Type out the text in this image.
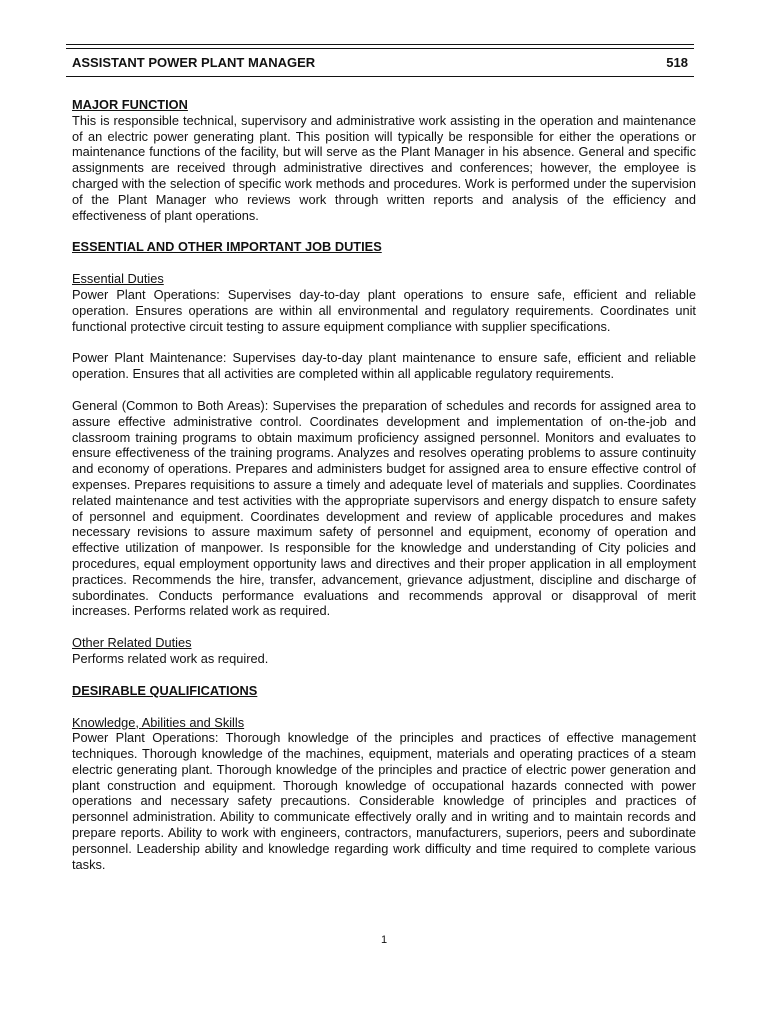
ASSISTANT POWER PLANT MANAGER	518
MAJOR FUNCTION

This is responsible technical, supervisory and administrative work assisting in the operation and maintenance of an electric power generating plant. This position will typically be responsible for either the operations or maintenance functions of the facility, but will serve as the Plant Manager in his absence. General and specific assignments are received through administrative directives and conferences; however, the employee is charged with the selection of specific work methods and procedures. Work is performed under the supervision of the Plant Manager who reviews work through written reports and analysis of the efficiency and effectiveness of plant operations.

ESSENTIAL AND OTHER IMPORTANT JOB DUTIES
Essential Duties

Power Plant Operations: Supervises day-to-day plant operations to ensure safe, efficient and reliable operation. Ensures operations are within all environmental and regulatory requirements. Coordinates unit functional protective circuit testing to assure equipment compliance with supplier specifications.

Power Plant Maintenance: Supervises day-to-day plant maintenance to ensure safe, efficient and reliable operation. Ensures that all activities are completed within all applicable regulatory requirements.

General (Common to Both Areas): Supervises the preparation of schedules and records for assigned area to assure effective administrative control. Coordinates development and implementation of on-the-job and classroom training programs to obtain maximum proficiency assigned personnel. Monitors and evaluates to ensure effectiveness of the training programs. Analyzes and resolves operating problems to assure continuity and economy of operations. Prepares and administers budget for assigned area to ensure effective control of expenses. Prepares requisitions to assure a timely and adequate level of materials and supplies. Coordinates related maintenance and test activities with the appropriate supervisors and energy dispatch to ensure safety of personnel and equipment. Coordinates development and review of applicable procedures and makes necessary revisions to assure maximum safety of personnel and equipment, economy of operation and effective utilization of manpower. Is responsible for the knowledge and understanding of City policies and procedures, equal employment opportunity laws and directives and their proper application in all employment practices. Recommends the hire, transfer, advancement, grievance adjustment, discipline and discharge of subordinates. Conducts performance evaluations and recommends approval or disapproval of merit increases. Performs related work as required.

Other Related Duties

Performs related work as required.

DESIRABLE QUALIFICATIONS
Knowledge, Abilities and Skills

Power Plant Operations: Thorough knowledge of the principles and practices of effective management techniques. Thorough knowledge of the machines, equipment, materials and operating practices of a steam electric generating plant. Thorough knowledge of the principles and practice of electric power generation and plant construction and equipment. Thorough knowledge of occupational hazards connected with power operations and necessary safety precautions. Considerable knowledge of principles and practices of personnel administration. Ability to communicate effectively orally and in writing and to maintain records and prepare reports. Ability to work with engineers, contractors, manufacturers, superiors, peers and subordinate personnel. Leadership ability and knowledge regarding work difficulty and time required to complete various tasks.

1
